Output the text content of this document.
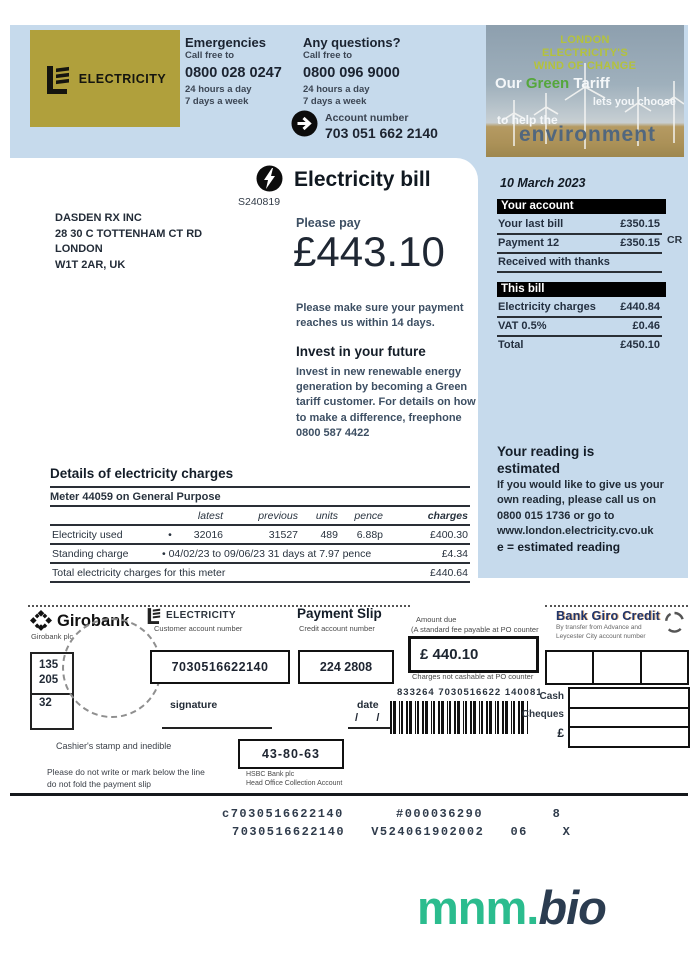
ELECTRICITY
Emergencies
Call free to
0800 028 0247
24 hours a day
7 days a week
Any questions?
Call free to
0800 096 9000
24 hours a day
7 days a week
Account number
703 051 662 2140
LONDON
ELECTRICITY'S
WIND OF CHANGE
Our Green Tariff
lets you choose
to help the
environment
S240819
DASDEN RX INC
28 30 C TOTTENHAM CT RD
LONDON
W1T 2AR, UK
Electricity bill
Please pay
£443.10
Please make sure your payment reaches us within 14 days.
Invest in your future
Invest in new renewable energy generation by becoming a Green tariff customer. For details on how to make a difference, freephone 0800 587 4422
10 March 2023
Your account
Your last bill	£350.15
Payment 12	£350.15
Received with thanks
CR
This bill
Electricity charges £440.84
VAT 0.5%	£0.46
Total	£450.10
Your reading is estimated
If you would like to give us your own reading, please call us on 0800 015 1736 or go to www.london.electricity.cvo.uk
e = estimated reading
Details of electricity charges
Meter 44059 on General Purpose
latest	previous	units	pence	charges
Electricity used	•	32016	31527	489	6.88p	£400.30
Standing charge	• 04/02/23 to 09/06/23 31 days at 7.97 pence	£4.34
Total electricity charges for this meter	£440.64
Girobank
Girobank plc
135
205
32
Cashier's stamp and inedible
Please do not write or mark below the line
do not fold the payment slip
ELECTRICITY
Customer account number
7030516622140
signature
Payment Slip
Credit account number
224 2808
date
/      /
43-80-63
HSBC Bank plc
Head Office Collection Account
Amount due
(A standard fee payable at PO counter
£ 440.10
Charges not cashable at PO counter
833264 7030516622 140081
Cash
Cheques
£
Bank Giro Credit
By transfer from Advance and
Leycester City account number
c7030516622140      #000036290        8
7030516622140   V524061902002   06    X
mnm.bio
